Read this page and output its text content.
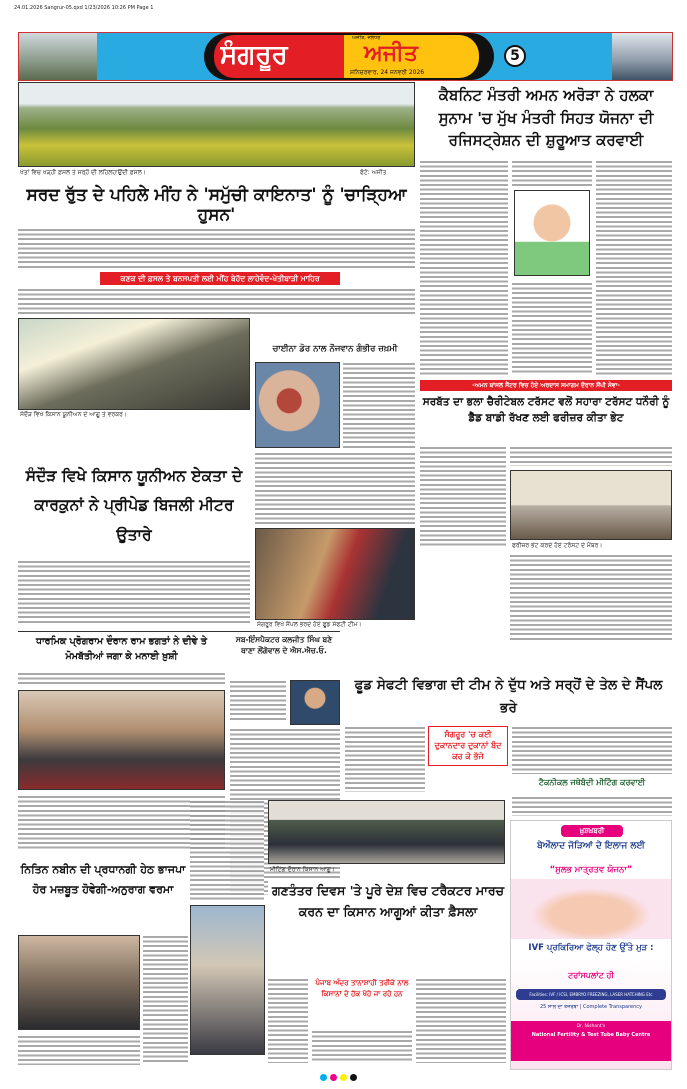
24.01.2026 Sangrur-05.qxd 1/23/2026 10:26 PM Page 1
ਸੰਗਰੂਰ
ਅਜੀਤ, ਜਲੰਧਰ
ਅਜੀਤ
ਸ਼ਨਿਚਰਵਾਰ, 24 ਜਨਵਰੀ 2026
5
ਖੇਤਾਂ ਵਿਚ ਖੜ੍ਹੀ ਫ਼ਸਲ ਤੇ ਸਰ੍ਹੋਂ ਦੀ ਲਹਿਲਹਾਉਂਦੀ ਫ਼ਸਲ।	ਫੋਟੋ: ਅਜੀਤ
ਕੈਬਨਿਟ ਮੰਤਰੀ ਅਮਨ ਅਰੋੜਾ ਨੇ ਹਲਕਾ ਸੁਨਾਮ 'ਚ ਮੁੱਖ ਮੰਤਰੀ ਸਿਹਤ ਯੋਜਨਾ ਦੀ ਰਜਿਸਟ੍ਰੇਸ਼ਨ ਦੀ ਸ਼ੁਰੂਆਤ ਕਰਵਾਈ
ਸਰਦ ਰੁੱਤ ਦੇ ਪਹਿਲੇ ਮੀਂਹ ਨੇ 'ਸਮੁੱਚੀ ਕਾਇਨਾਤ' ਨੂੰ 'ਚਾੜ੍ਹਿਆ ਹੁਸਨ'
ਕਣਕ ਦੀ ਫ਼ਸਲ ਤੇ ਬਨਸਪਤੀ ਲਈ ਮੀਂਹ ਬੇਹੱਦ ਲਾਹੇਵੰਦ-ਖੇਤੀਬਾੜੀ ਮਾਹਿਰ
ਸੰਦੌੜ ਵਿਖੇ ਕਿਸਾਨ ਯੂਨੀਅਨ ਦੇ ਆਗੂ ਤੇ ਵਰਕਰ।
ਚਾਈਨਾ ਡੋਰ ਨਾਲ ਨੌਜਵਾਨ ਗੰਭੀਰ ਜ਼ਖ਼ਮੀ
-ਅਮਨ ਬਾਂਸਲ ਸੈਂਟਰ ਵਿਚ ਹੋਏ ਅਰਦਾਸ ਸਮਾਗਮ ਦੌਰਾਨ ਸੌਂਪੀ ਸੇਵਾ-
ਸਰਬੱਤ ਦਾ ਭਲਾ ਚੈਰੀਟੇਬਲ ਟਰੱਸਟ ਵਲੋਂ ਸਹਾਰਾ ਟਰੱਸਟ ਧਨੌਰੀ ਨੂੰ ਡੈੱਡ ਬਾਡੀ ਰੱਖਣ ਲਈ ਫਰੀਜ਼ਰ ਕੀਤਾ ਭੇਟ
ਫਰੀਜ਼ਰ ਭੇਟ ਕਰਦੇ ਹੋਏ ਟਰੱਸਟ ਦੇ ਮੈਂਬਰ।
ਸੰਦੌੜ ਵਿਖੇ ਕਿਸਾਨ ਯੂਨੀਅਨ ਏਕਤਾ ਦੇ ਕਾਰਕੁਨਾਂ ਨੇ ਪ੍ਰੀਪੇਡ ਬਿਜਲੀ ਮੀਟਰ ਉਤਾਰੇ
ਸੰਗਰੂਰ ਵਿਖੇ ਸੈਂਪਲ ਭਰਦੇ ਹੋਏ ਫੂਡ ਸੇਫਟੀ ਟੀਮ।
ਧਾਰਮਿਕ ਪ੍ਰੋਗਰਾਮ ਦੌਰਾਨ ਰਾਮ ਭਗਤਾਂ ਨੇ ਦੀਵੇ ਤੇ ਮੋਮਬੱਤੀਆਂ ਜਗਾ ਕੇ ਮਨਾਈ ਖ਼ੁਸ਼ੀ
ਸਬ-ਇੰਸਪੈਕਟਰ ਕਲਜੀਤ ਸਿੰਘ ਬਣੇ ਥਾਣਾ ਲੌਂਗੋਵਾਲ ਦੇ ਐਸ.ਐਚ.ਓ.
ਫੂਡ ਸੇਫਟੀ ਵਿਭਾਗ ਦੀ ਟੀਮ ਨੇ ਦੁੱਧ ਅਤੇ ਸਰ੍ਹੋਂ ਦੇ ਤੇਲ ਦੇ ਸੈਂਪਲ ਭਰੇ
ਸੰਗਰੂਰ 'ਚ ਕਈ ਦੁਕਾਨਦਾਰ ਦੁਕਾਨਾਂ ਬੰਦ ਕਰ ਕੇ ਭੱਜੇ
ਟੈਕਨੀਕਲ ਜਥੇਬੰਦੀ ਮੀਟਿੰਗ ਕਰਵਾਈ
ਮੀਟਿੰਗ ਦੌਰਾਨ ਕਿਸਾਨ ਆਗੂ।
ਨਿਤਿਨ ਨਬੀਨ ਦੀ ਪ੍ਰਧਾਨਗੀ ਹੇਠ ਭਾਜਪਾ ਹੋਰ ਮਜ਼ਬੂਤ ਹੋਵੇਗੀ-ਅਨੁਰਾਗ ਵਰਮਾ	ਗਣਤੰਤਰ ਦਿਵਸ 'ਤੇ ਪੂਰੇ ਦੇਸ਼ ਵਿਚ ਟਰੈਕਟਰ ਮਾਰਚ ਕਰਨ ਦਾ ਕਿਸਾਨ ਆਗੂਆਂ ਕੀਤਾ ਫ਼ੈਸਲਾ
ਪੰਜਾਬ ਅੰਦਰ ਤਾਨਾਸ਼ਾਹੀ ਤਰੀਕੇ ਨਾਲ ਕਿਸਾਨਾਂ ਦੇ ਹੱਕ ਖੋਹੇ ਜਾ ਰਹੇ ਹਨ
ਖ਼ੁਸ਼ਖ਼ਬਰੀ
ਬੇਔਲਾਦ ਜੋੜਿਆਂ ਦੇ ਇਲਾਜ ਲਈ
“ਸੁਲਭ ਮਾਤ੍ਰਤਵ ਯੋਜਨਾ”
IVF ਪ੍ਰਕਿਰਿਆ ਫੇਲ੍ਹ ਹੋਣ ਉੱਤੇ ਮੁੜ :
ਟਰਾਂਸਪਲਾਂਟ ਹੀ
Facilities: IVF / ICSI, EMBRYO FREEZING, LASER HATCHING Etc
25 ਸਾਲ ਦਾ ਤਜਰਬਾ | Complete Transparency
Dr. Nishant's
National Fertility & Test Tube Baby Centre
